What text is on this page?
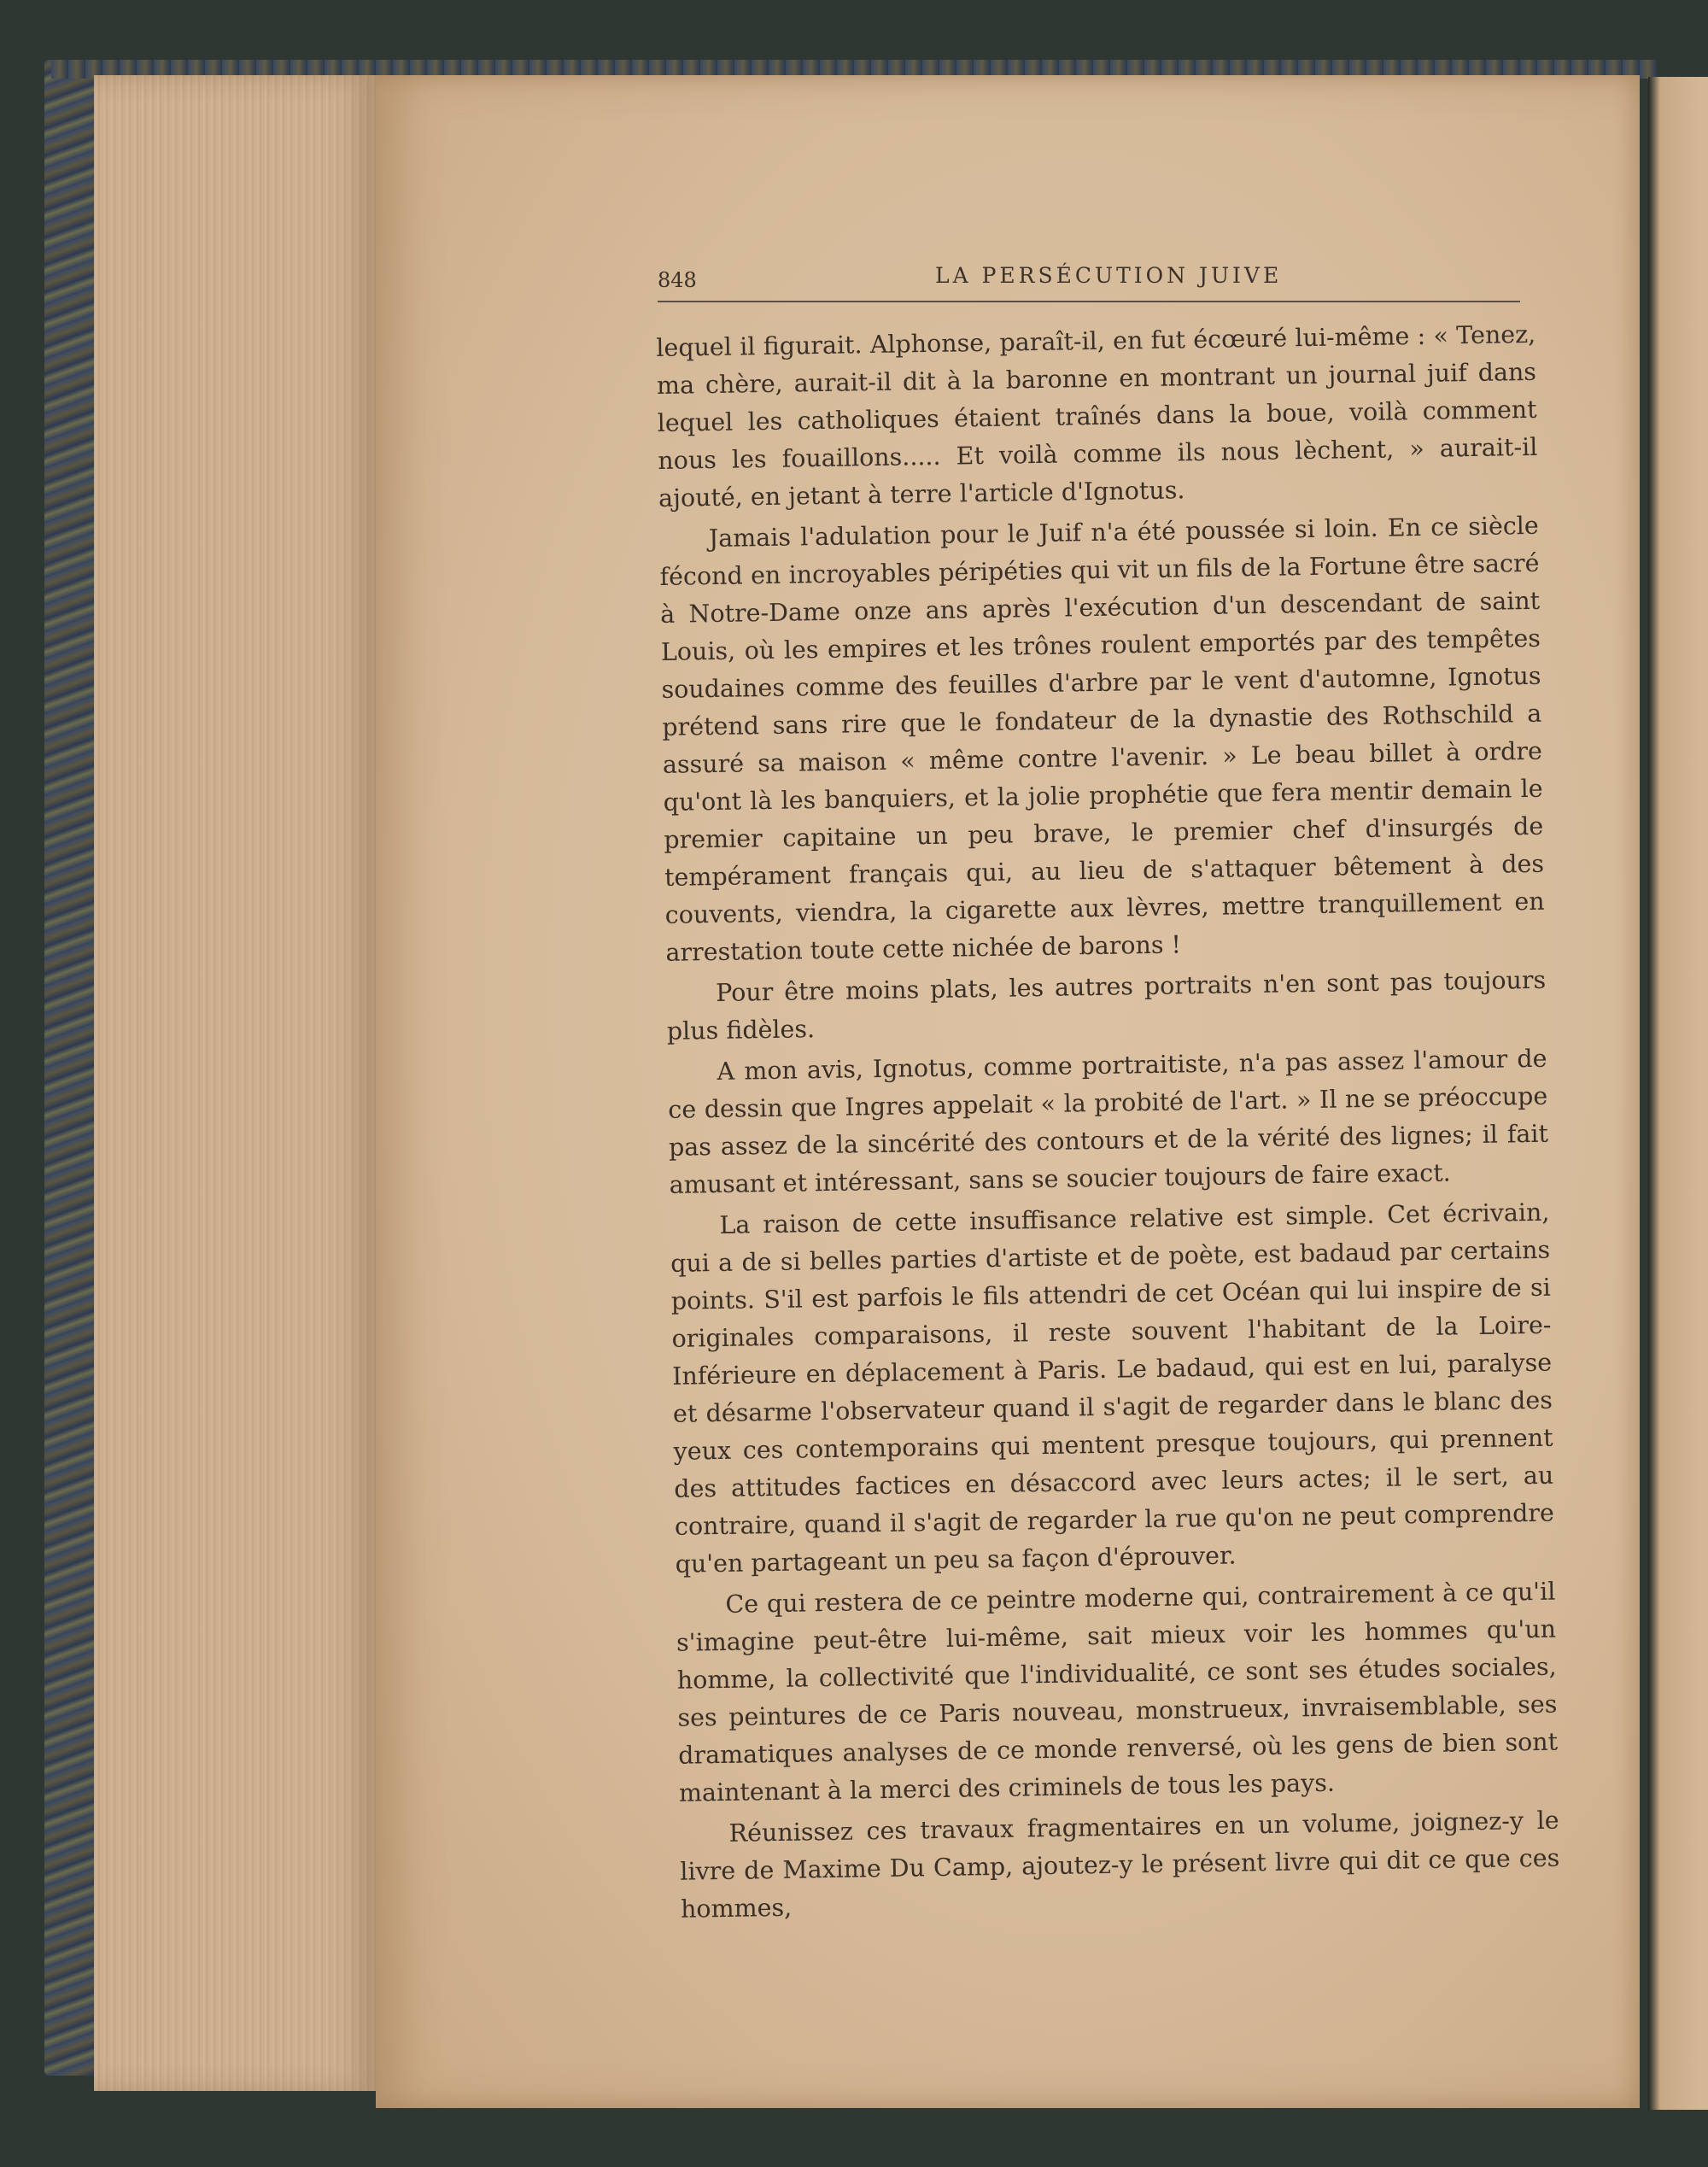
848	LA PERSÉCUTION JUIVE

lequel il figurait. Alphonse, paraît-il, en fut écœuré lui-même : « Tenez, ma chère, aurait-il dit à la baronne en montrant un journal juif dans lequel les catholiques étaient traînés dans la boue, voilà comment nous les fouaillons..... Et voilà comme ils nous lèchent, » aurait-il ajouté, en jetant à terre l'article d'Ignotus.

Jamais l'adulation pour le Juif n'a été poussée si loin. En ce siècle fécond en incroyables péripéties qui vit un fils de la Fortune être sacré à Notre-Dame onze ans après l'exécution d'un descendant de saint Louis, où les empires et les trônes roulent emportés par des tempêtes soudaines comme des feuilles d'arbre par le vent d'automne, Ignotus prétend sans rire que le fondateur de la dynastie des Rothschild a assuré sa maison « même contre l'avenir. » Le beau billet à ordre qu'ont là les banquiers, et la jolie prophétie que fera mentir demain le premier capitaine un peu brave, le premier chef d'insurgés de tempérament français qui, au lieu de s'attaquer bêtement à des couvents, viendra, la cigarette aux lèvres, mettre tranquillement en arrestation toute cette nichée de barons !

Pour être moins plats, les autres portraits n'en sont pas toujours plus fidèles.

A mon avis, Ignotus, comme portraitiste, n'a pas assez l'amour de ce dessin que Ingres appelait « la probité de l'art. » Il ne se préoccupe pas assez de la sincérité des contours et de la vérité des lignes; il fait amusant et intéressant, sans se soucier toujours de faire exact.

La raison de cette insuffisance relative est simple. Cet écrivain, qui a de si belles parties d'artiste et de poète, est badaud par certains points. S'il est parfois le fils attendri de cet Océan qui lui inspire de si originales comparaisons, il reste souvent l'habitant de la Loire-Inférieure en déplacement à Paris. Le badaud, qui est en lui, paralyse et désarme l'observateur quand il s'agit de regarder dans le blanc des yeux ces contemporains qui mentent presque toujours, qui prennent des attitudes factices en désaccord avec leurs actes; il le sert, au contraire, quand il s'agit de regarder la rue qu'on ne peut comprendre qu'en partageant un peu sa façon d'éprouver.

Ce qui restera de ce peintre moderne qui, contrairement à ce qu'il s'imagine peut-être lui-même, sait mieux voir les hommes qu'un homme, la collectivité que l'individualité, ce sont ses études sociales, ses peintures de ce Paris nouveau, monstrueux, invraisemblable, ses dramatiques analyses de ce monde renversé, où les gens de bien sont maintenant à la merci des criminels de tous les pays.

Réunissez ces travaux fragmentaires en un volume, joignez-y le livre de Maxime Du Camp, ajoutez-y le présent livre qui dit ce que ces hommes,
